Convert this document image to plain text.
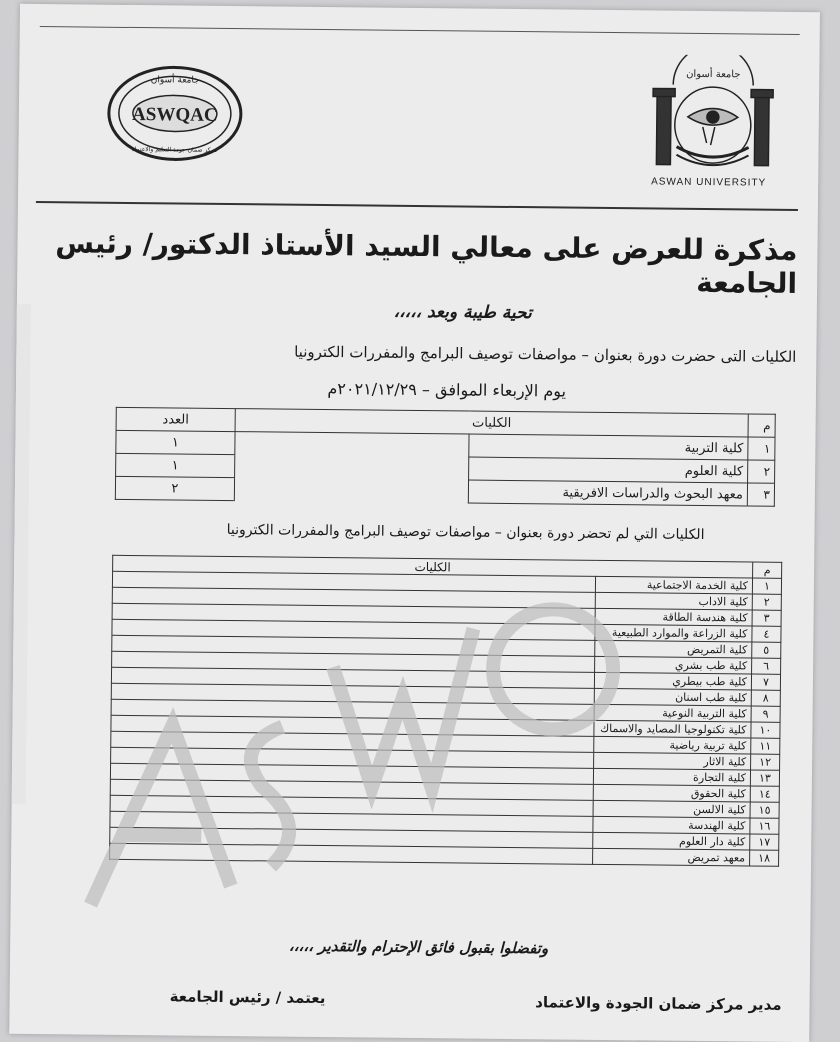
ASWQAC
جامعة أسوان
مركز ضمان جودة التعليم والاعتماد
جامعة أسوان
ASWAN UNIVERSITY
مذكرة للعرض على معالي السيد الأستاذ الدكتور/ رئيس الجامعة
تحية طيبة وبعد ،،،،،
الكليات التى حضرت دورة بعنوان – مواصفات توصيف البرامج والمفررات الكترونيا
يوم الإربعاء الموافق – ٢٠٢١/١٢/٢٩م
م	الكليات		العدد
١	كلية التربية		١
٢	كلية العلوم		١
٣	معهد البحوث والدراسات الافريقية		٢
الكليات التي لم تحضر دورة بعنوان – مواصفات توصيف البرامج والمفررات الكترونيا
م	الكليات	
١	كلية الخدمة الاجتماعية	
٢	كلية الاداب	
٣	كلية هندسة الطاقة	
٤	كلية الزراعة والموارد الطبيعية	
٥	كلية التمريض	
٦	كلية طب بشري	
٧	كلية طب بيطري	
٨	كلية طب اسنان	
٩	كلية التربية النوعية	
١٠	كلية تكنولوجيا المصايد والاسماك	
١١	كلية تربية رياضية	
١٢	كلية الاثار	
١٣	كلية التجارة	
١٤	كلية الحقوق	
١٥	كلية الالسن	
١٦	كلية الهندسة	
١٧	كلية دار العلوم	
١٨	معهد تمريض	
وتفضلوا بقبول فائق الإحترام والتقدير ،،،،،
يعتمد / رئيس الجامعة	مدير مركز ضمان الجودة والاعتماد
